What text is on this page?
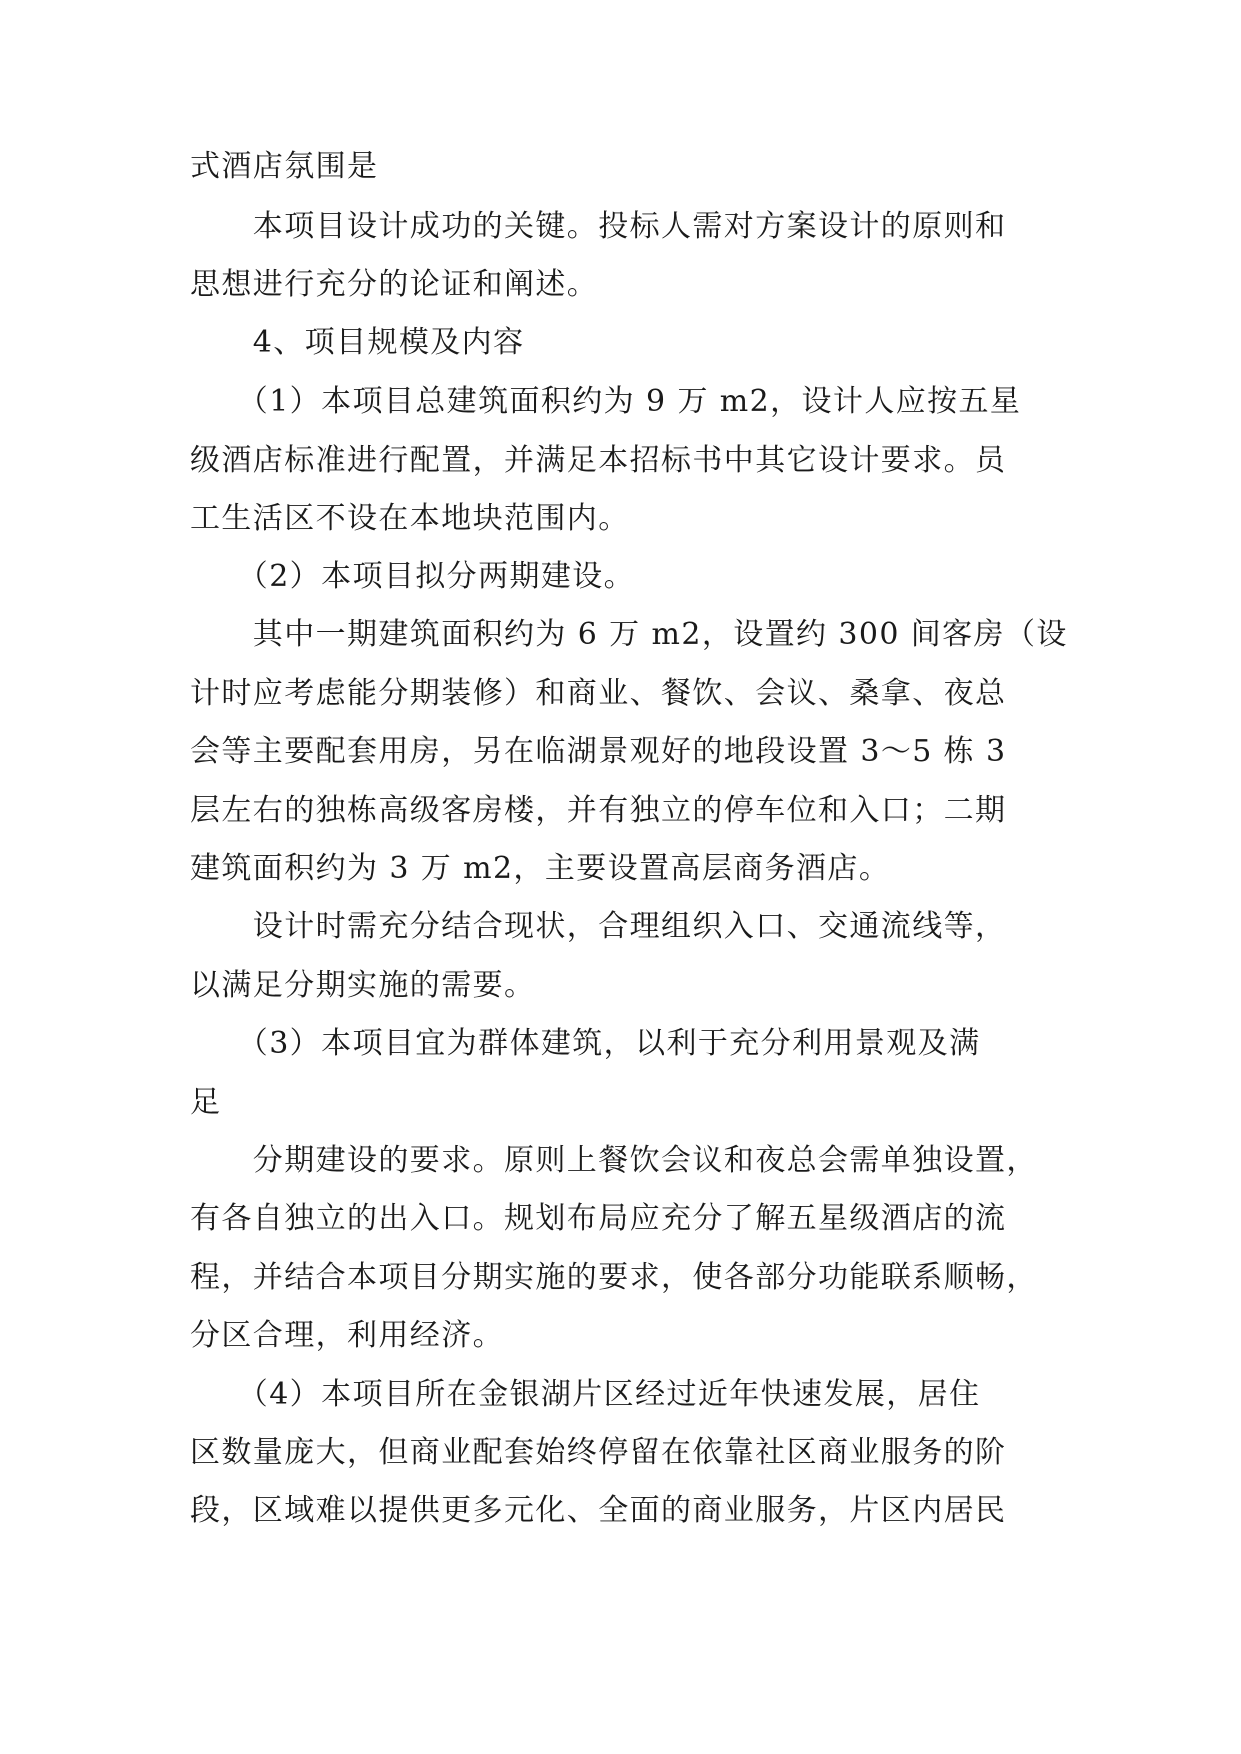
式酒店氛围是
　　本项目设计成功的关键。投标人需对方案设计的原则和
思想进行充分的论证和阐述。
　　4、项目规模及内容
　　（1）本项目总建筑面积约为 9 万 m2，设计人应按五星
级酒店标准进行配置，并满足本招标书中其它设计要求。员
工生活区不设在本地块范围内。
　　（2）本项目拟分两期建设。
　　其中一期建筑面积约为 6 万 m2，设置约 300 间客房（设
计时应考虑能分期装修）和商业、餐饮、会议、桑拿、夜总
会等主要配套用房，另在临湖景观好的地段设置 3～5 栋 3
层左右的独栋高级客房楼，并有独立的停车位和入口；二期
建筑面积约为 3 万 m2，主要设置高层商务酒店。
　　设计时需充分结合现状，合理组织入口、交通流线等，
以满足分期实施的需要。
　　（3）本项目宜为群体建筑，以利于充分利用景观及满
足
　　分期建设的要求。原则上餐饮会议和夜总会需单独设置，
有各自独立的出入口。规划布局应充分了解五星级酒店的流
程，并结合本项目分期实施的要求，使各部分功能联系顺畅，
分区合理，利用经济。
　　（4）本项目所在金银湖片区经过近年快速发展，居住
区数量庞大，但商业配套始终停留在依靠社区商业服务的阶
段，区域难以提供更多元化、全面的商业服务，片区内居民
